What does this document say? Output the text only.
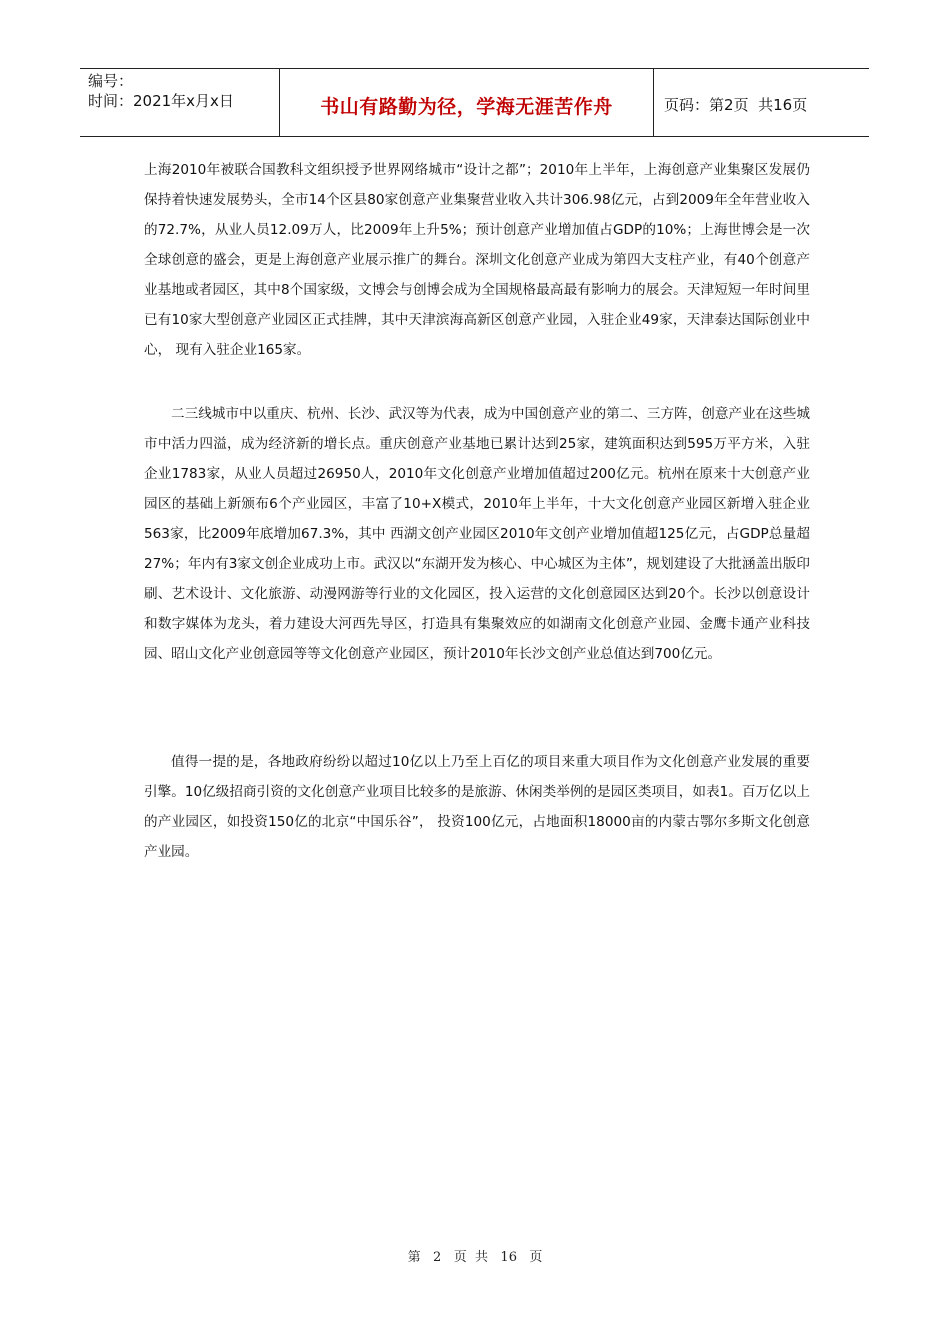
编号：
时间：2021年x月x日	书山有路勤为径，学海无涯苦作舟	页码：第 2 页  共 16 页

上海2010年被联合国教科文组织授予世界网络城市“设计之都”；2010年上半年，上海创意产业集聚区发展仍保持着快速发展势头，全市14个区县80家创意产业集聚营业收入共计306.98亿元，占到2009年全年营业收入的72.7%，从业人员12.09万人，比2009年上升5%；预计创意产业增加值占GDP的10%；上海世博会是一次全球创意的盛会，更是上海创意产业展示推广的舞台。深圳文化创意产业成为第四大支柱产业，有40个创意产业基地或者园区，其中8个国家级，文博会与创博会成为全国规格最高最有影响力的展会。天津短短一年时间里已有10家大型创意产业园区正式挂牌，其中天津滨海高新区创意产业园，入驻企业49家，天津泰达国际创业中心， 现有入驻企业165家。

二三线城市中以重庆、杭州、长沙、武汉等为代表，成为中国创意产业的第二、三方阵，创意产业在这些城市中活力四溢，成为经济新的增长点。重庆创意产业基地已累计达到25家，建筑面积达到595万平方米，入驻企业1783家，从业人员超过26950人，2010年文化创意产业增加值超过200亿元。杭州在原来十大创意产业园区的基础上新颁布6个产业园区，丰富了10+X模式，2010年上半年，十大文化创意产业园区新增入驻企业563家，比2009年底增加67.3%，其中 西湖文创产业园区2010年文创产业增加值超125亿元，占GDP总量超27%；年内有3家文创企业成功上市。武汉以“东湖开发为核心、中心城区为主体”，规划建设了大批涵盖出版印刷、艺术设计、文化旅游、动漫网游等行业的文化园区，投入运营的文化创意园区达到20个。长沙以创意设计和数字媒体为龙头，着力建设大河西先导区，打造具有集聚效应的如湖南文化创意产业园、金鹰卡通产业科技园、昭山文化产业创意园等等文化创意产业园区，预计2010年长沙文创产业总值达到700亿元。

值得一提的是，各地政府纷纷以超过10亿以上乃至上百亿的项目来重大项目作为文化创意产业发展的重要引擎。10亿级招商引资的文化创意产业项目比较多的是旅游、休闲类举例的是园区类项目，如表1。百万亿以上的产业园区，如投资150亿的北京“中国乐谷”， 投资100亿元，占地面积18000亩的内蒙古鄂尔多斯文化创意产业园。

第 2 页  共 16 页
